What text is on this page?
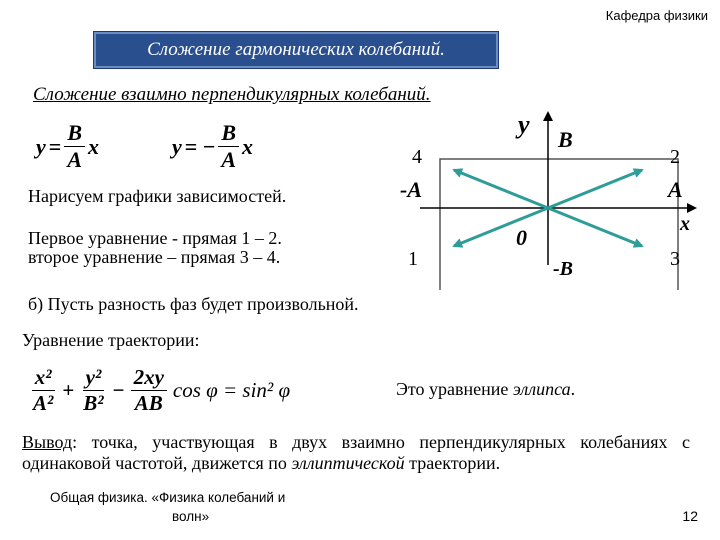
Кафедра физики
Сложение гармонических колебаний.
Сложение взаимно перпендикулярных колебаний.
$y = \frac{B}{A}$ x	y = − $\frac{B}{A}$ x
Нарисуем графики зависимостей.
Первое уравнение - прямая 1 – 2.
второе уравнение – прямая 3 – 4.
y
B
x
0
-B
-A	A
4	2
1	3
б) Пусть разность фаз будет произвольной.
Уравнение траектории:
$\frac{\text{x²}}{\text{A²}} + \frac{\text{y²}}{\text{B²}} - \frac{2xy}{AB}$ cos φ = sin² φ	Это уравнение эллипса.
Вывод: точка, участвующая в двух взаимно перпендикулярных колебаниях с одинаковой частотой, движется по эллиптической траектории.
Общая физика. «Физика колебаний и
волн»	12
